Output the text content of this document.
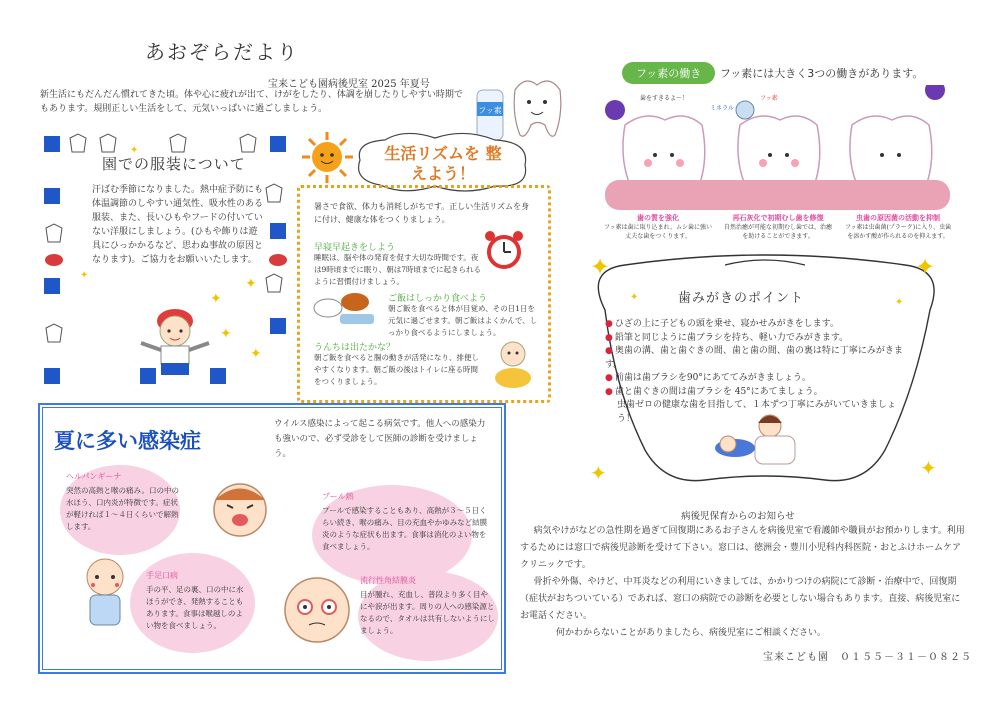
あおぞらだより
宝来こども園病後児室 2025 年夏号
新生活にもだんだん慣れてきた頃。体や心に疲れが出て、けがをしたり、体調を崩したりしやすい時期でもあります。規則正しい生活をして、元気いっぱいに過ごしましょう。	フッ素
✦
✦
✦
✦
✦
✦
園での服装について
汗ばむ季節になりました。熱中症予防にも体温調節のしやすい通気性、吸水性のある服装、また、長いひもやフードの付いていない洋服にしましょう。(ひもや飾りは遊具にひっかかるなど、思わぬ事故の原因となります)。ご協力をお願いいたします。
生活リズムを 整えよう！
暑さで食欲、体力も消耗しがちです。正しい生活リズムを身に付け、健康な体をつくりましょう。
早寝早起きをしよう
睡眠は、脳や体の発育を促す大切な時間です。夜は9時頃までに眠り、朝は7時頃までに起きられるように習慣付けましょう。
ご飯はしっかり食べよう
朝ご飯を食べると体が目覚め、その日1日を元気に過ごせます。朝ご飯はよくかんで、しっかり食べるようにしましょう。
うんちは出たかな？
朝ご飯を食べると腸の動きが活発になり、排便しやすくなります。朝ご飯の後はトイレに座る時間をつくりましょう。
夏に多い感染症
ウイルス感染によって起こる病気です。他人への感染力も強いので、必ず受診をして医師の診断を受けましょう。
ヘルパンギーナ
突然の高熱と喉の痛み。口の中の水ほう、口内炎が特徴です。症状が軽ければ１～４日くらいで解熱します。
手足口病
手の平、足の裏、口の中に水ほうができ、発熱することもあります。食事は喉越しのよい物を食べましょう。
プール熱
プールで感染することもあり、高熱が３～５日くらい続き、喉の痛み、目の充血やかゆみなど結膜炎のような症状も出ます。食事は消化のよい物を食べましょう。
流行性角結膜炎
目が腫れ、充血し、普段より多く目やにや涙が出ます。周りの人への感染源となるので、タオルは共有しないようにしましょう。
フッ素の働き	フッ素には大きく3つの働きがあります。
歯をすきるよ～！
ミネラル
フッ素
歯の質を強化
フッ素は歯に取り込まれ、ムシ歯に強い丈夫な歯をつくります。
再石灰化で初期むし歯を修復
自然治癒が可能な初期むし歯では、治癒を助けることができます。
虫歯の原因菌の活動を抑制
フッ素は虫歯菌(プラーク)に入り、虫歯を溶かす酸が作られるのを抑えます。
✦	✦
✦	✦
✦	✦
歯みがきのポイント
● ひざの上に子どもの頭を乗せ、寝かせみがきをします。
● 鉛筆と同じように歯ブラシを持ち、軽い力でみがきます。
● 奥歯の溝、歯と歯ぐきの間、歯と歯の間、歯の裏は特に丁寧にみがきます。
● 前歯は歯ブラシを90°にあててみがきましょう。
● 歯と歯ぐきの間は歯ブラシを 45°にあてましょう。
虫歯ゼロの健康な歯を目指して、１本ずつ丁寧にみがいていきましょう！
病後児保育からのお知らせ
病気やけがなどの急性期を過ぎて回復期にあるお子さんを病後児室で看護師や職員がお預かりします。利用するためには窓口で病後児診断を受けて下さい。窓口は、徳洲会・豊川小児科内科医院・おとふけホームケアクリニックです。
骨折や外傷、やけど、中耳炎などの利用にいきましては、かかりつけの病院にて診断・治療中で、回復期（症状がおちついている）であれば、窓口の病院での診断を必要としない場合もあります。直接、病後児室にお電話ください。
何かわからないことがありましたら、病後児室にご相談ください。
宝来こども園　０１５５－３１－０８２５
